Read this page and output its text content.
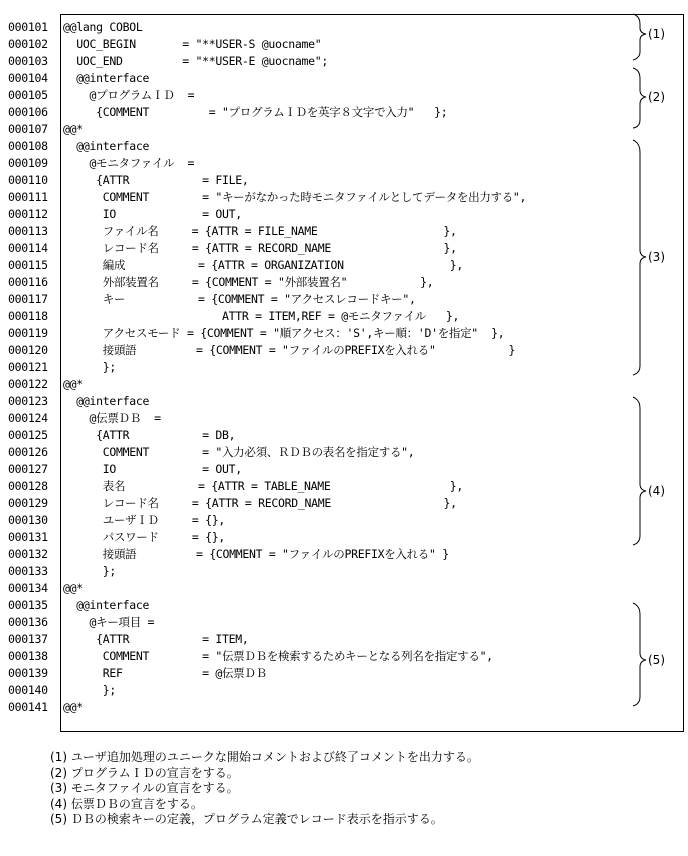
(1)
(2)
(3)
(4)
(5)
000101 @@lang COBOL
000102 UOC_BEGIN       = "**USER-S @uocname"
000103 UOC_END         = "**USER-E @uocname";
000104 @@interface
000105 @プログラムＩＤ  =
000106 {COMMENT         = "プログラムＩＤを英字８文字で入力"   };
000107 @@*
000108 @@interface
000109 @モニタファイル  =
000110 {ATTR           = FILE,
000111 COMMENT        = "キーがなかった時モニタファイルとしてデータを出力する",
000112 IO             = OUT,
000113 ファイル名     = {ATTR = FILE_NAME                   },
000114 レコード名     = {ATTR = RECORD_NAME                 },
000115 編成           = {ATTR = ORGANIZATION                },
000116 外部装置名     = {COMMENT = "外部装置名"           },
000117 キー           = {COMMENT = "アクセスレコードキー",
000118 ATTR = ITEM,REF = @モニタファイル   },
000119 アクセスモード = {COMMENT = "順アクセス：'S',キー順：'D'を指定"  },
000120 接頭語         = {COMMENT = "ファイルのPREFIXを入れる"           }
000121 };
000122 @@*
000123 @@interface
000124 @伝票ＤＢ  =
000125 {ATTR           = DB,
000126 COMMENT        = "入力必須、ＲＤＢの表名を指定する",
000127 IO             = OUT,
000128 表名           = {ATTR = TABLE_NAME                  },
000129 レコード名     = {ATTR = RECORD_NAME                 },
000130 ユーザＩＤ     = {},
000131 パスワード     = {},
000132 接頭語         = {COMMENT = "ファイルのPREFIXを入れる" }
000133 };
000134 @@*
000135 @@interface
000136 @キー項目 =
000137 {ATTR           = ITEM,
000138 COMMENT        = "伝票ＤＢを検索するためキーとなる列名を指定する",
000139 REF            = @伝票ＤＢ
000140 };
000141 @@*
(1) ユーザ追加処理のユニークな開始コメントおよび終了コメントを出力する。
(2) プログラムＩＤの宣言をする。
(3) モニタファイルの宣言をする。
(4) 伝票ＤＢの宣言をする。
(5) ＤＢの検索キーの定義，プログラム定義でレコード表示を指示する。
